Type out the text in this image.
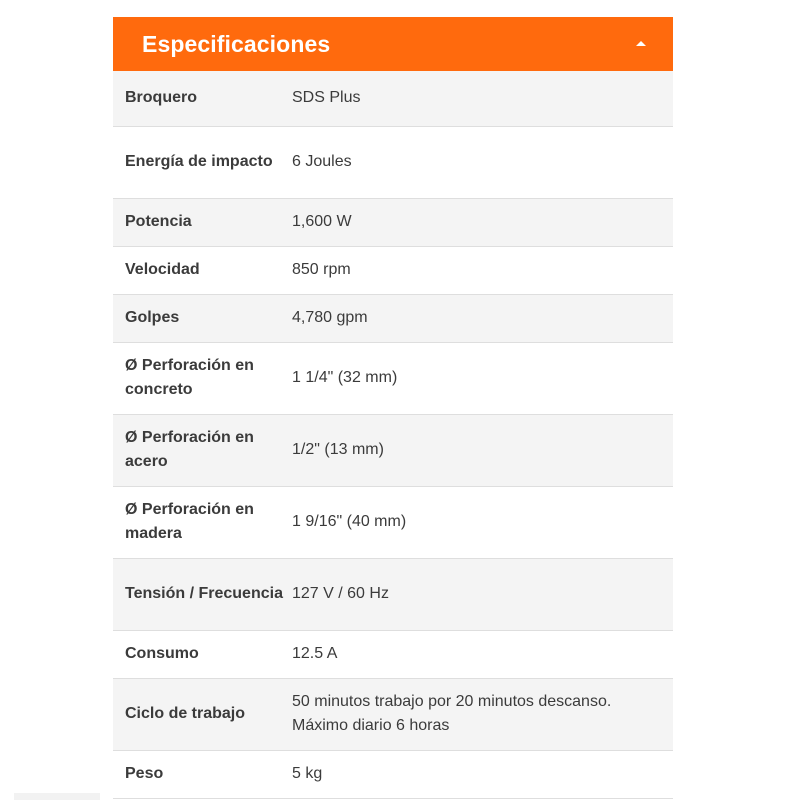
Especificaciones
Broquero	SDS Plus
Energía de impacto	6 Joules
Potencia	1,600 W
Velocidad	850 rpm
Golpes	4,780 gpm
Ø Perforación en concreto	1 1/4" (32 mm)
Ø Perforación en acero	1/2" (13 mm)
Ø Perforación en madera	1 9/16" (40 mm)
Tensión / Frecuencia	127 V / 60 Hz
Consumo	12.5 A
Ciclo de trabajo	50 minutos trabajo por 20 minutos descanso. Máximo diario 6 horas
Peso	5 kg
